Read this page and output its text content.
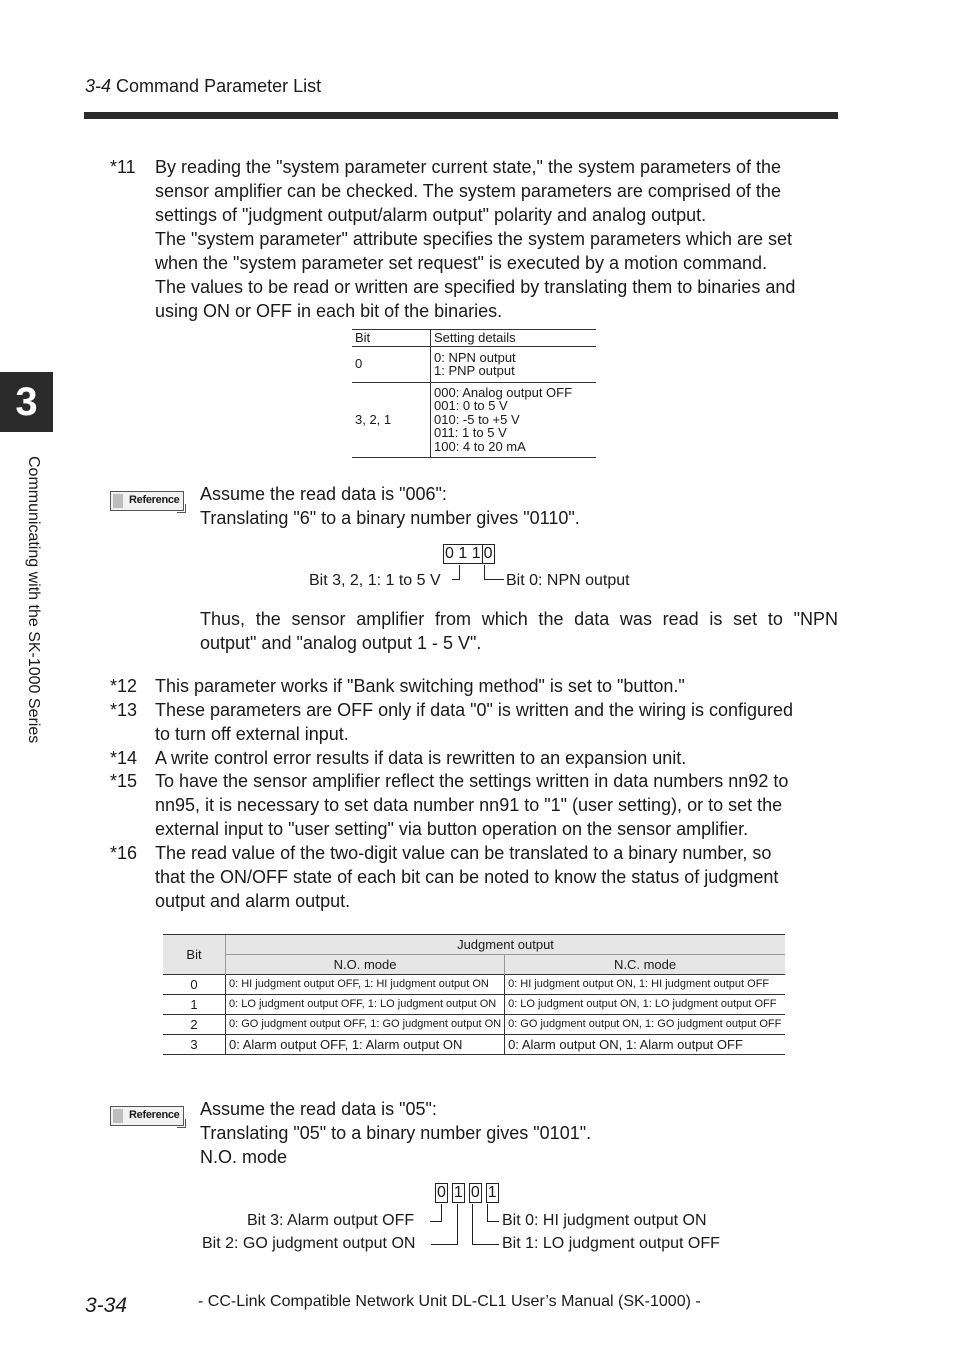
3-4 Command Parameter List
3
Communicating with the SK-1000 Series
*11 By reading the "system parameter current state," the system parameters of the

sensor amplifier can be checked. The system parameters are comprised of the

settings of "judgment output/alarm output" polarity and analog output.

The "system parameter" attribute specifies the system parameters which are set

when the "system parameter set request" is executed by a motion command.

The values to be read or written are specified by translating them to binaries and

using ON or OFF in each bit of the binaries.

Bit	Setting details
0	0: NPN output
1: PNP output

3, 2, 1	000: Analog output OFF
001: 0 to 5 V
010: -5 to +5 V
011: 1 to 5 V
100: 4 to 20 mA
Reference Assume the read data is "006":

Translating "6" to a binary number gives "0110".

0 1 1 0
Bit 3, 2, 1: 1 to 5 V	Bit 0: NPN output

Thus, the sensor amplifier from which the data was read is set to "NPN

output" and "analog output 1 - 5 V".

*12 This parameter works if "Bank switching method" is set to "button."

*13 These parameters are OFF only if data "0" is written and the wiring is configured

to turn off external input.

*14 A write control error results if data is rewritten to an expansion unit.

*15 To have the sensor amplifier reflect the settings written in data numbers nn92 to

nn95, it is necessary to set data number nn91 to "1" (user setting), or to set the

external input to "user setting" via button operation on the sensor amplifier.

*16 The read value of the two-digit value can be translated to a binary number, so

that the ON/OFF state of each bit can be noted to know the status of judgment

output and alarm output.

Bit	Judgment output	
	N.O. mode	N.C. mode
0	0: HI judgment output OFF, 1: HI judgment output ON	0: HI judgment output ON, 1: HI judgment output OFF
1	0: LO judgment output OFF, 1: LO judgment output ON	0: LO judgment output ON, 1: LO judgment output OFF
2	0: GO judgment output OFF, 1: GO judgment output ON	0: GO judgment output ON, 1: GO judgment output OFF
3	0: Alarm output OFF, 1: Alarm output ON	0: Alarm output ON, 1: Alarm output OFF
Reference Assume the read data is "05":

Translating "05" to a binary number gives "0101".

N.O. mode

0 1 0 1
Bit 3: Alarm output OFF
Bit 2: GO judgment output ON
Bit 0: HI judgment output ON
Bit 1: LO judgment output OFF
3-34	- CC-Link Compatible Network Unit DL-CL1 User’s Manual (SK-1000) -
